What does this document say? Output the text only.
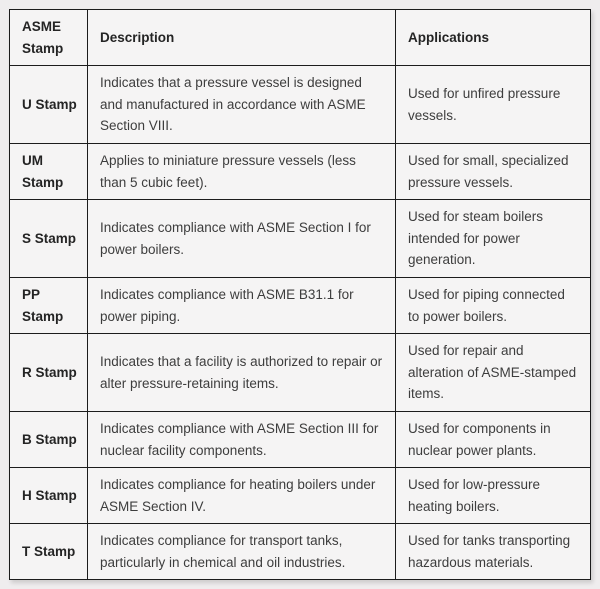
ASME Stamp	Description	Applications
U Stamp	Indicates that a pressure vessel is designed and manufactured in accordance with ASME Section VIII.	Used for unfired pressure vessels.
UM Stamp	Applies to miniature pressure vessels (less than 5 cubic feet).	Used for small, specialized pressure vessels.
S Stamp	Indicates compliance with ASME Section I for power boilers.	Used for steam boilers intended for power generation.
PP Stamp	Indicates compliance with ASME B31.1 for power piping.	Used for piping connected to power boilers.
R Stamp	Indicates that a facility is authorized to repair or alter pressure-retaining items.	Used for repair and alteration of ASME-stamped items.
B Stamp	Indicates compliance with ASME Section III for nuclear facility components.	Used for components in nuclear power plants.
H Stamp	Indicates compliance for heating boilers under ASME Section IV.	Used for low-pressure heating boilers.
T Stamp	Indicates compliance for transport tanks, particularly in chemical and oil industries.	Used for tanks transporting hazardous materials.
